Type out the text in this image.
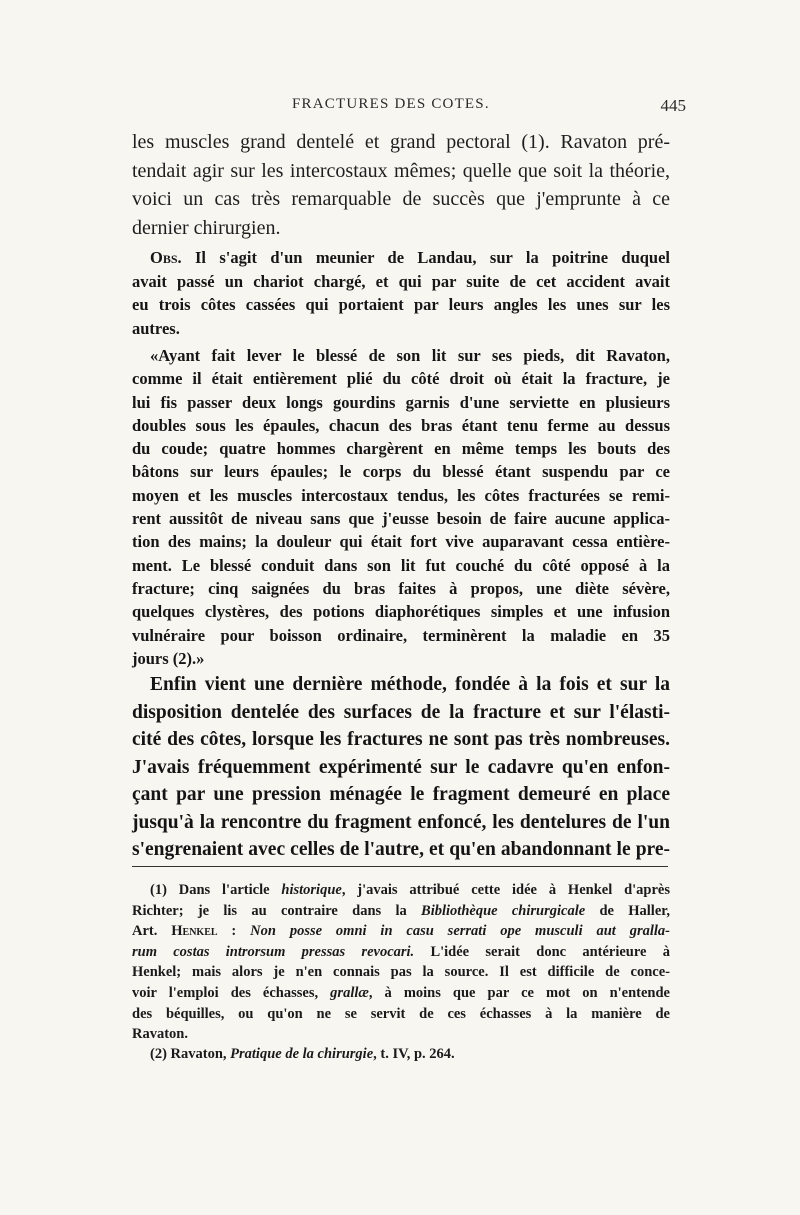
FRACTURES DES COTES.	445
les muscles grand dentelé et grand pectoral (1). Ravaton pré-
tendait agir sur les intercostaux mêmes; quelle que soit la théorie,
voici un cas très remarquable de succès que j'emprunte à ce
dernier chirurgien.
Obs. Il s'agit d'un meunier de Landau, sur la poitrine duquel
avait passé un chariot chargé, et qui par suite de cet accident avait
eu trois côtes cassées qui portaient par leurs angles les unes sur les
autres.
«Ayant fait lever le blessé de son lit sur ses pieds, dit Ravaton,
comme il était entièrement plié du côté droit où était la fracture, je
lui fis passer deux longs gourdins garnis d'une serviette en plusieurs
doubles sous les épaules, chacun des bras étant tenu ferme au dessus
du coude; quatre hommes chargèrent en même temps les bouts des
bâtons sur leurs épaules; le corps du blessé étant suspendu par ce
moyen et les muscles intercostaux tendus, les côtes fracturées se remi-
rent aussitôt de niveau sans que j'eusse besoin de faire aucune applica-
tion des mains; la douleur qui était fort vive auparavant cessa entière-
ment. Le blessé conduit dans son lit fut couché du côté opposé à la
fracture; cinq saignées du bras faites à propos, une diète sévère,
quelques clystères, des potions diaphorétiques simples et une infusion
vulnéraire pour boisson ordinaire, terminèrent la maladie en 35
jours (2).»
Enfin vient une dernière méthode, fondée à la fois et sur la
disposition dentelée des surfaces de la fracture et sur l'élasti-
cité des côtes, lorsque les fractures ne sont pas très nombreuses.
J'avais fréquemment expérimenté sur le cadavre qu'en enfon-
çant par une pression ménagée le fragment demeuré en place
jusqu'à la rencontre du fragment enfoncé, les dentelures de l'un
s'engrenaient avec celles de l'autre, et qu'en abandonnant le pre-
(1) Dans l'article historique, j'avais attribué cette idée à Henkel d'après
Richter; je lis au contraire dans la Bibliothèque chirurgicale de Haller,
Art. Henkel : Non posse omni in casu serrati ope musculi aut gralla-
rum costas introrsum pressas revocari. L'idée serait donc antérieure à
Henkel; mais alors je n'en connais pas la source. Il est difficile de conce-
voir l'emploi des échasses, grallæ, à moins que par ce mot on n'entende
des béquilles, ou qu'on ne se servit de ces échasses à la manière de
Ravaton.
(2) Ravaton, Pratique de la chirurgie, t. IV, p. 264.
